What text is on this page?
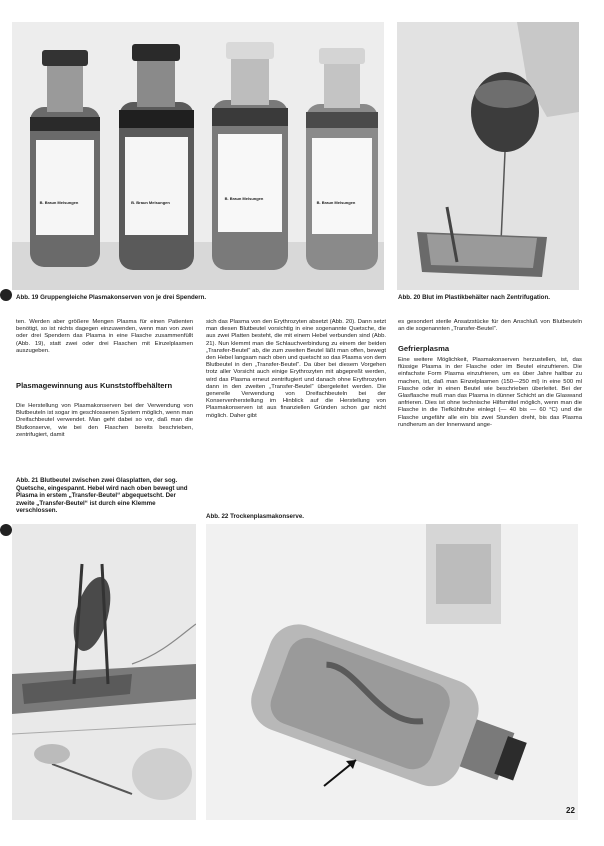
B. Braun Melsungen	B. Braun Melsungen
B. Braun Melsungen
B. Braun Melsungen
Abb. 19 Gruppengleiche Plasmakonserven von je drei Spendern.	Abb. 20 Blut im Plastikbehälter nach Zentrifugation.

ten. Werden aber größere Mengen Plasma für einen Patienten benötigt, so ist nichts dagegen einzuwenden, wenn man von zwei oder drei Spendern das Plasma in eine Flasche zusammenfüllt (Abb. 19), statt zwei oder drei Flaschen mit Einzelplasmen auszugeben.

Plasmagewinnung aus Kunststoffbehältern

Die Herstellung von Plasmakonserven bei der Verwendung von Blutbeuteln ist sogar im geschlossenen System möglich, wenn man Dreifachbeutel verwendet. Man geht dabei so vor, daß man die Blutkonserve, wie bei den Flaschen bereits beschrieben, zentrifugiert, damit

Abb. 21 Blutbeutel zwischen zwei Glasplatten, der sog. Quetsche, eingespannt. Hebel wird nach oben bewegt und Plasma in erstem „Transfer-Beutel“ abgequetscht. Der zweite „Transfer-Beutel“ ist durch eine Klemme verschlossen.

sich das Plasma von den Erythrozyten absetzt (Abb. 20). Dann setzt man diesen Blutbeutel vorsichtig in eine sogenannte Quetsche, die aus zwei Platten besteht, die mit einem Hebel verbunden sind (Abb. 21). Nun klemmt man die Schlauchverbindung zu einem der beiden „Transfer-Beutel“ ab, die zum zweiten Beutel läßt man offen, bewegt den Hebel langsam nach oben und quetscht so das Plasma von dem Blutbeutel in den „Transfer-Beutel“. Da über bei diesem Vorgehen trotz aller Vorsicht auch einige Erythrozyten mit abgepreßt werden, wird das Plasma erneut zentrifugiert und danach ohne Erythrozyten dann in den zweiten „Transfer-Beutel“ übergeleitet werden. Die generelle Verwendung von Dreifachbeuteln bei der Konservenherstellung im Hinblick auf die Herstellung von Plasmakonserven ist aus finanziellen Gründen schon gar nicht möglich. Daher gibt

Abb. 22 Trockenplasmakonserve.

es gesondert sterile Ansatzstücke für den Anschluß von Blutbeuteln an die sogenannten „Transfer-Beutel“.

Gefrierplasma

Eine weitere Möglichkeit, Plasmakonserven herzustellen, ist, das flüssige Plasma in der Flasche oder im Beutel einzufrieren. Die einfachste Form Plasma einzufrieren, um es über Jahre haltbar zu machen, ist, daß man Einzelplasmen (150—250 ml) in eine 500 ml Flasche oder in einen Beutel wie beschrieben überleitet. Bei der Glasflasche muß man das Plasma in dünner Schicht an die Glaswand anfrieren. Dies ist ohne technische Hilfsmittel möglich, wenn man die Flasche in die Tiefkühltruhe einlegt (— 40 bis — 60 °C) und die Flasche ungefähr alle ein bis zwei Stunden dreht, bis das Plasma rundherum an der Innenwand ange-

22
